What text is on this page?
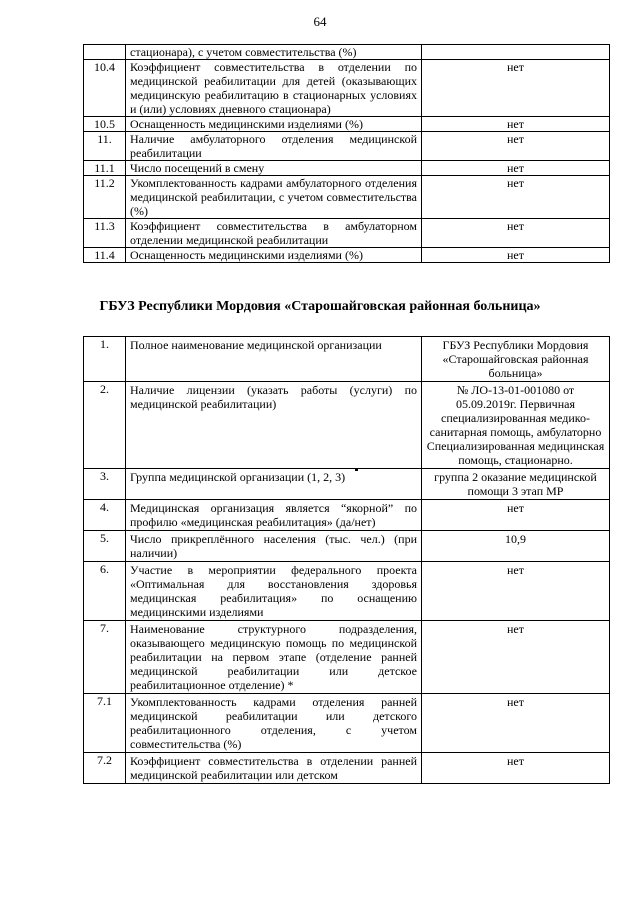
64
	стационара), с учетом совместительства (%)	
10.4	Коэффициент совместительства в отделении по медицинской реабилитации для детей (оказывающих медицинскую реабилитацию в стационарных условиях и (или) условиях дневного стационара)	нет
10.5	Оснащенность медицинскими изделиями (%)	нет
11.	Наличие амбулаторного отделения медицинской реабилитации	нет
11.1	Число посещений в смену	нет
11.2	Укомплектованность кадрами амбулаторного отделения медицинской реабилитации, с учетом совместительства (%)	нет
11.3	Коэффициент совместительства в амбулаторном отделении медицинской реабилитации	нет
11.4	Оснащенность медицинскими изделиями (%)	нет
ГБУЗ Республики Мордовия «Старошайговская районная больница»
1.	Полное наименование медицинской организации	ГБУЗ Республики Мордовия «Старошайговская районная больница»
2.	Наличие лицензии (указать работы (услуги) по медицинской реабилитации)	№ ЛО-13-01-001080 от 05.09.2019г. Первичная специализированная медико-санитарная помощь, амбулаторно Специализированная медицинская помощь, стационарно.
3.	Группа медицинской организации (1, 2, 3)	группа 2 оказание медицинской помощи 3 этап МР
4.	Медицинская организация является “якорной” по профилю «медицинская реабилитация» (да/нет)	нет
5.	Число прикреплённого населения (тыс. чел.) (при наличии)	10,9
6.	Участие в мероприятии федерального проекта «Оптимальная для восстановления здоровья медицинская реабилитация» по оснащению медицинскими изделиями	нет
7.	Наименование структурного подразделения, оказывающего медицинскую помощь по медицинской реабилитации на первом этапе (отделение ранней медицинской реабилитации или детское реабилитационное отделение) *	нет
7.1	Укомплектованность кадрами отделения ранней медицинской реабилитации или детского реабилитационного отделения, с учетом совместительства (%)	нет
7.2	Коэффициент совместительства в отделении ранней медицинской реабилитации или детском	нет
